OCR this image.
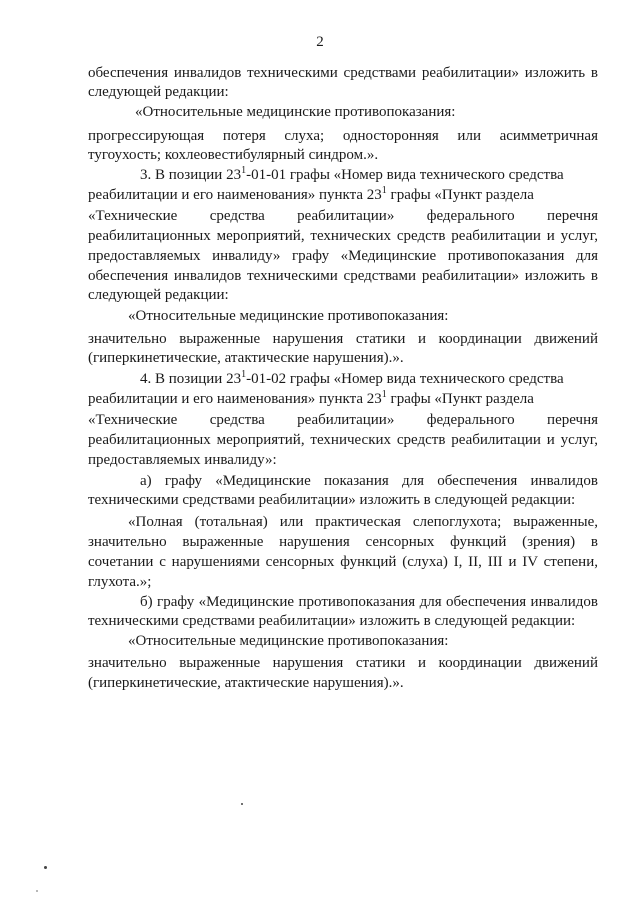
2
обеспечения инвалидов техническими средствами реабилитации» изложить в
следующей редакции:
«Относительные медицинские противопоказания:
прогрессирующая потеря слуха; односторонняя или асимметричная
тугоухость; кохлеовестибулярный синдром.».
3. В позиции $23^1-01-01$ графы «Номер вида технического средства
реабилитации и его наименования» пункта $23^1$ графы «Пункт раздела
«Технические средства реабилитации» федерального перечня
реабилитационных мероприятий, технических средств реабилитации и услуг,
предоставляемых инвалиду» графу «Медицинские противопоказания для
обеспечения инвалидов техническими средствами реабилитации» изложить в
следующей редакции:
«Относительные медицинские противопоказания:
значительно выраженные нарушения статики и координации движений
(гиперкинетические, атактические нарушения).».
4. В позиции $23^1-01-02$ графы «Номер вида технического средства
реабилитации и его наименования» пункта $23^1$ графы «Пункт раздела
«Технические средства реабилитации» федерального перечня
реабилитационных мероприятий, технических средств реабилитации и услуг,
предоставляемых инвалиду»:
а) графу «Медицинские показания для обеспечения инвалидов
техническими средствами реабилитации» изложить в следующей редакции:
«Полная (тотальная) или практическая слепоглухота; выраженные,
значительно выраженные нарушения сенсорных функций (зрения) в
сочетании с нарушениями сенсорных функций (слуха) I, II, III и IV степени,
глухота.»;
б) графу «Медицинские противопоказания для обеспечения инвалидов
техническими средствами реабилитации» изложить в следующей редакции:
«Относительные медицинские противопоказания:
значительно выраженные нарушения статики и координации движений
(гиперкинетические, атактические нарушения).».
